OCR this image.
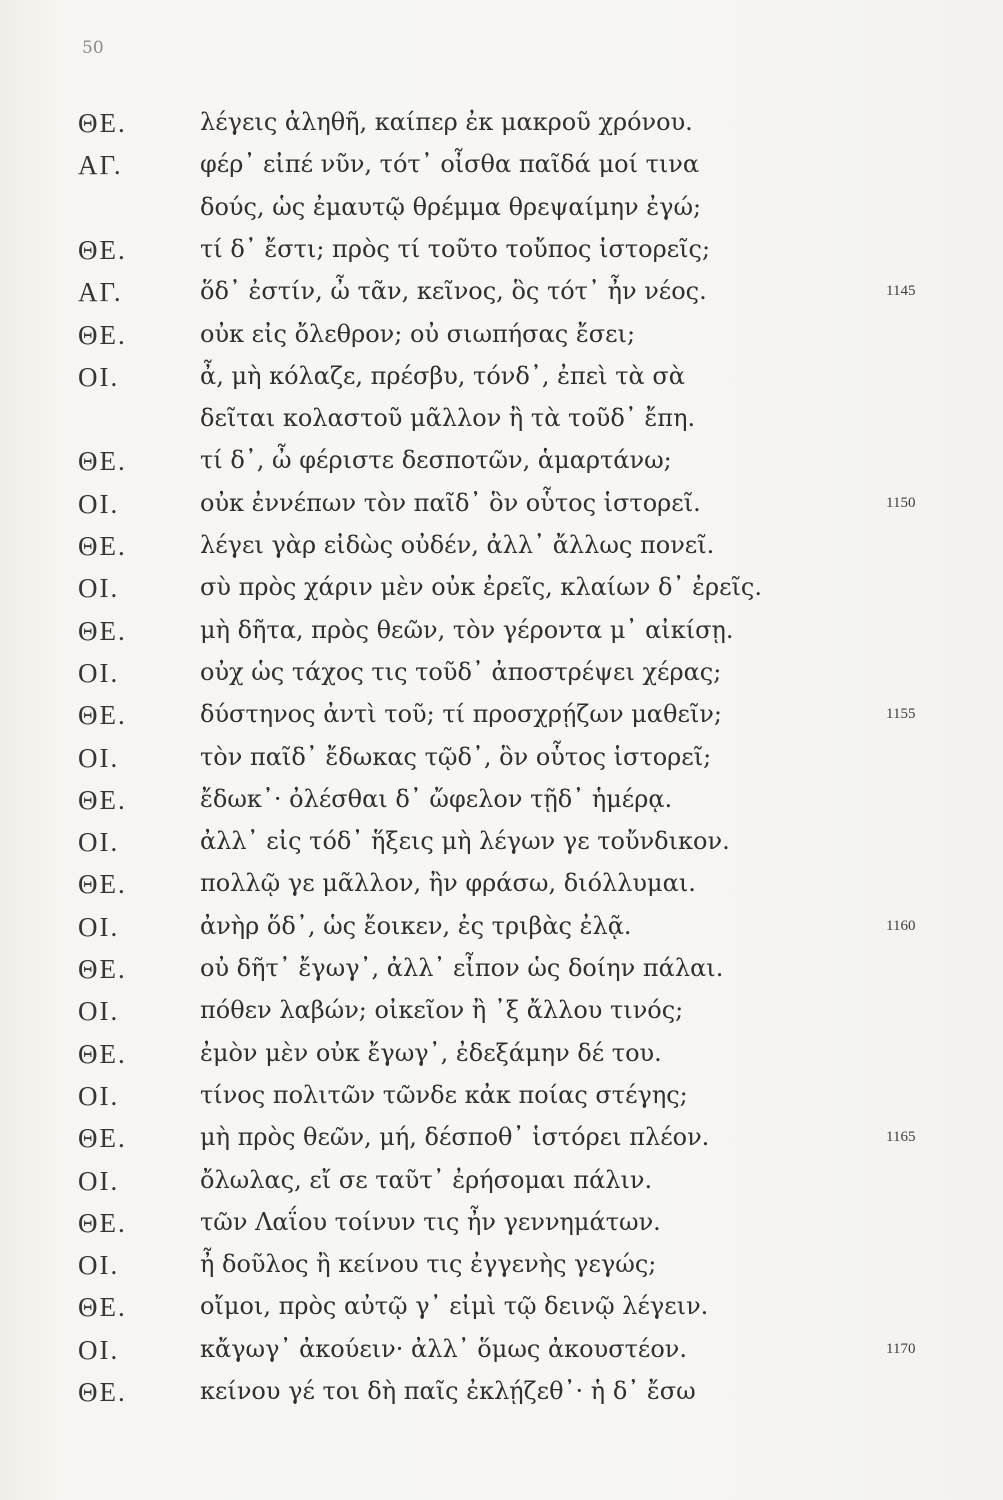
50
ΘΕ.	λέγεις ἀληθῆ, καίπερ ἐκ μακροῦ χρόνου.
ΑΓ.	φέρ᾽ εἰπέ νῦν, τότ᾽ οἶσθα παῖδά μοί τινα
δούς, ὡς ἐμαυτῷ θρέμμα θρεψαίμην ἐγώ;
ΘΕ.	τί δ᾽ ἔστι; πρὸς τί τοῦτο τοὔπος ἱστορεῖς;
ΑΓ.	ὅδ᾽ ἐστίν, ὦ τᾶν, κεῖνος, ὃς τότ᾽ ἦν νέος.	1145
ΘΕ.	οὐκ εἰς ὄλεθρον; οὐ σιωπήσας ἔσει;
ΟΙ.	ἆ, μὴ κόλαζε, πρέσβυ, τόνδ᾽, ἐπεὶ τὰ σὰ
δεῖται κολαστοῦ μᾶλλον ἢ τὰ τοῦδ᾽ ἔπη.
ΘΕ.	τί δ᾽, ὦ φέριστε δεσποτῶν, ἁμαρτάνω;
ΟΙ.	οὐκ ἐννέπων τὸν παῖδ᾽ ὃν οὗτος ἱστορεῖ.	1150
ΘΕ.	λέγει γὰρ εἰδὼς οὐδέν, ἀλλ᾽ ἄλλως πονεῖ.
ΟΙ.	σὺ πρὸς χάριν μὲν οὐκ ἐρεῖς, κλαίων δ᾽ ἐρεῖς.
ΘΕ.	μὴ δῆτα, πρὸς θεῶν, τὸν γέροντα μ᾽ αἰκίσῃ.
ΟΙ.	οὐχ ὡς τάχος τις τοῦδ᾽ ἀποστρέψει χέρας;
ΘΕ.	δύστηνος ἀντὶ τοῦ; τί προσχρῄζων μαθεῖν;	1155
ΟΙ.	τὸν παῖδ᾽ ἔδωκας τῷδ᾽, ὃν οὗτος ἱστορεῖ;
ΘΕ.	ἔδωκ᾽· ὀλέσθαι δ᾽ ὤφελον τῇδ᾽ ἡμέρᾳ.
ΟΙ.	ἀλλ᾽ εἰς τόδ᾽ ἥξεις μὴ λέγων γε τοὔνδικον.
ΘΕ.	πολλῷ γε μᾶλλον, ἢν φράσω, διόλλυμαι.
ΟΙ.	ἀνὴρ ὅδ᾽, ὡς ἔοικεν, ἐς τριβὰς ἐλᾷ.	1160
ΘΕ.	οὐ δῆτ᾽ ἔγωγ᾽, ἀλλ᾽ εἶπον ὡς δοίην πάλαι.
ΟΙ.	πόθεν λαβών; οἰκεῖον ἢ ᾿ξ ἄλλου τινός;
ΘΕ.	ἐμὸν μὲν οὐκ ἔγωγ᾽, ἐδεξάμην δέ του.
ΟΙ.	τίνος πολιτῶν τῶνδε κἀκ ποίας στέγης;
ΘΕ.	μὴ πρὸς θεῶν, μή, δέσποθ᾽ ἱστόρει πλέον.	1165
ΟΙ.	ὄλωλας, εἴ σε ταῦτ᾽ ἐρήσομαι πάλιν.
ΘΕ.	τῶν Λαΐου τοίνυν τις ἦν γεννημάτων.
ΟΙ.	ἦ δοῦλος ἢ κείνου τις ἐγγενὴς γεγώς;
ΘΕ.	οἴμοι, πρὸς αὐτῷ γ᾽ εἰμὶ τῷ δεινῷ λέγειν.
ΟΙ.	κἄγωγ᾽ ἀκούειν· ἀλλ᾽ ὅμως ἀκουστέον.	1170
ΘΕ.	κείνου γέ τοι δὴ παῖς ἐκλῄζεθ᾽· ἡ δ᾽ ἔσω
